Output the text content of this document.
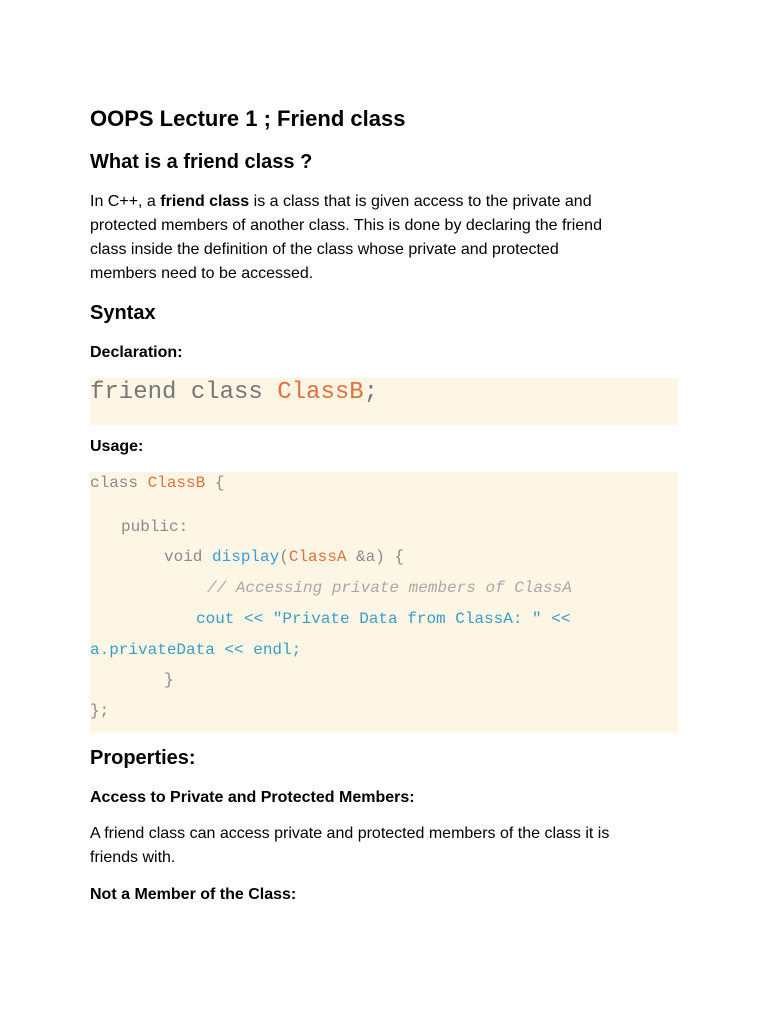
OOPS Lecture 1 ; Friend class
What is a friend class ?
In C++, a friend class is a class that is given access to the private and
protected members of another class. This is done by declaring the friend
class inside the definition of the class whose private and protected
members need to be accessed.
Syntax
Declaration:
friend class ClassB;
Usage:
class ClassB {
public:
void display(ClassA &a) {
// Accessing private members of ClassA
cout << "Private Data from ClassA: " <<
a.privateData << endl;
}
};
Properties:
Access to Private and Protected Members:
A friend class can access private and protected members of the class it is
friends with.
Not a Member of the Class:
